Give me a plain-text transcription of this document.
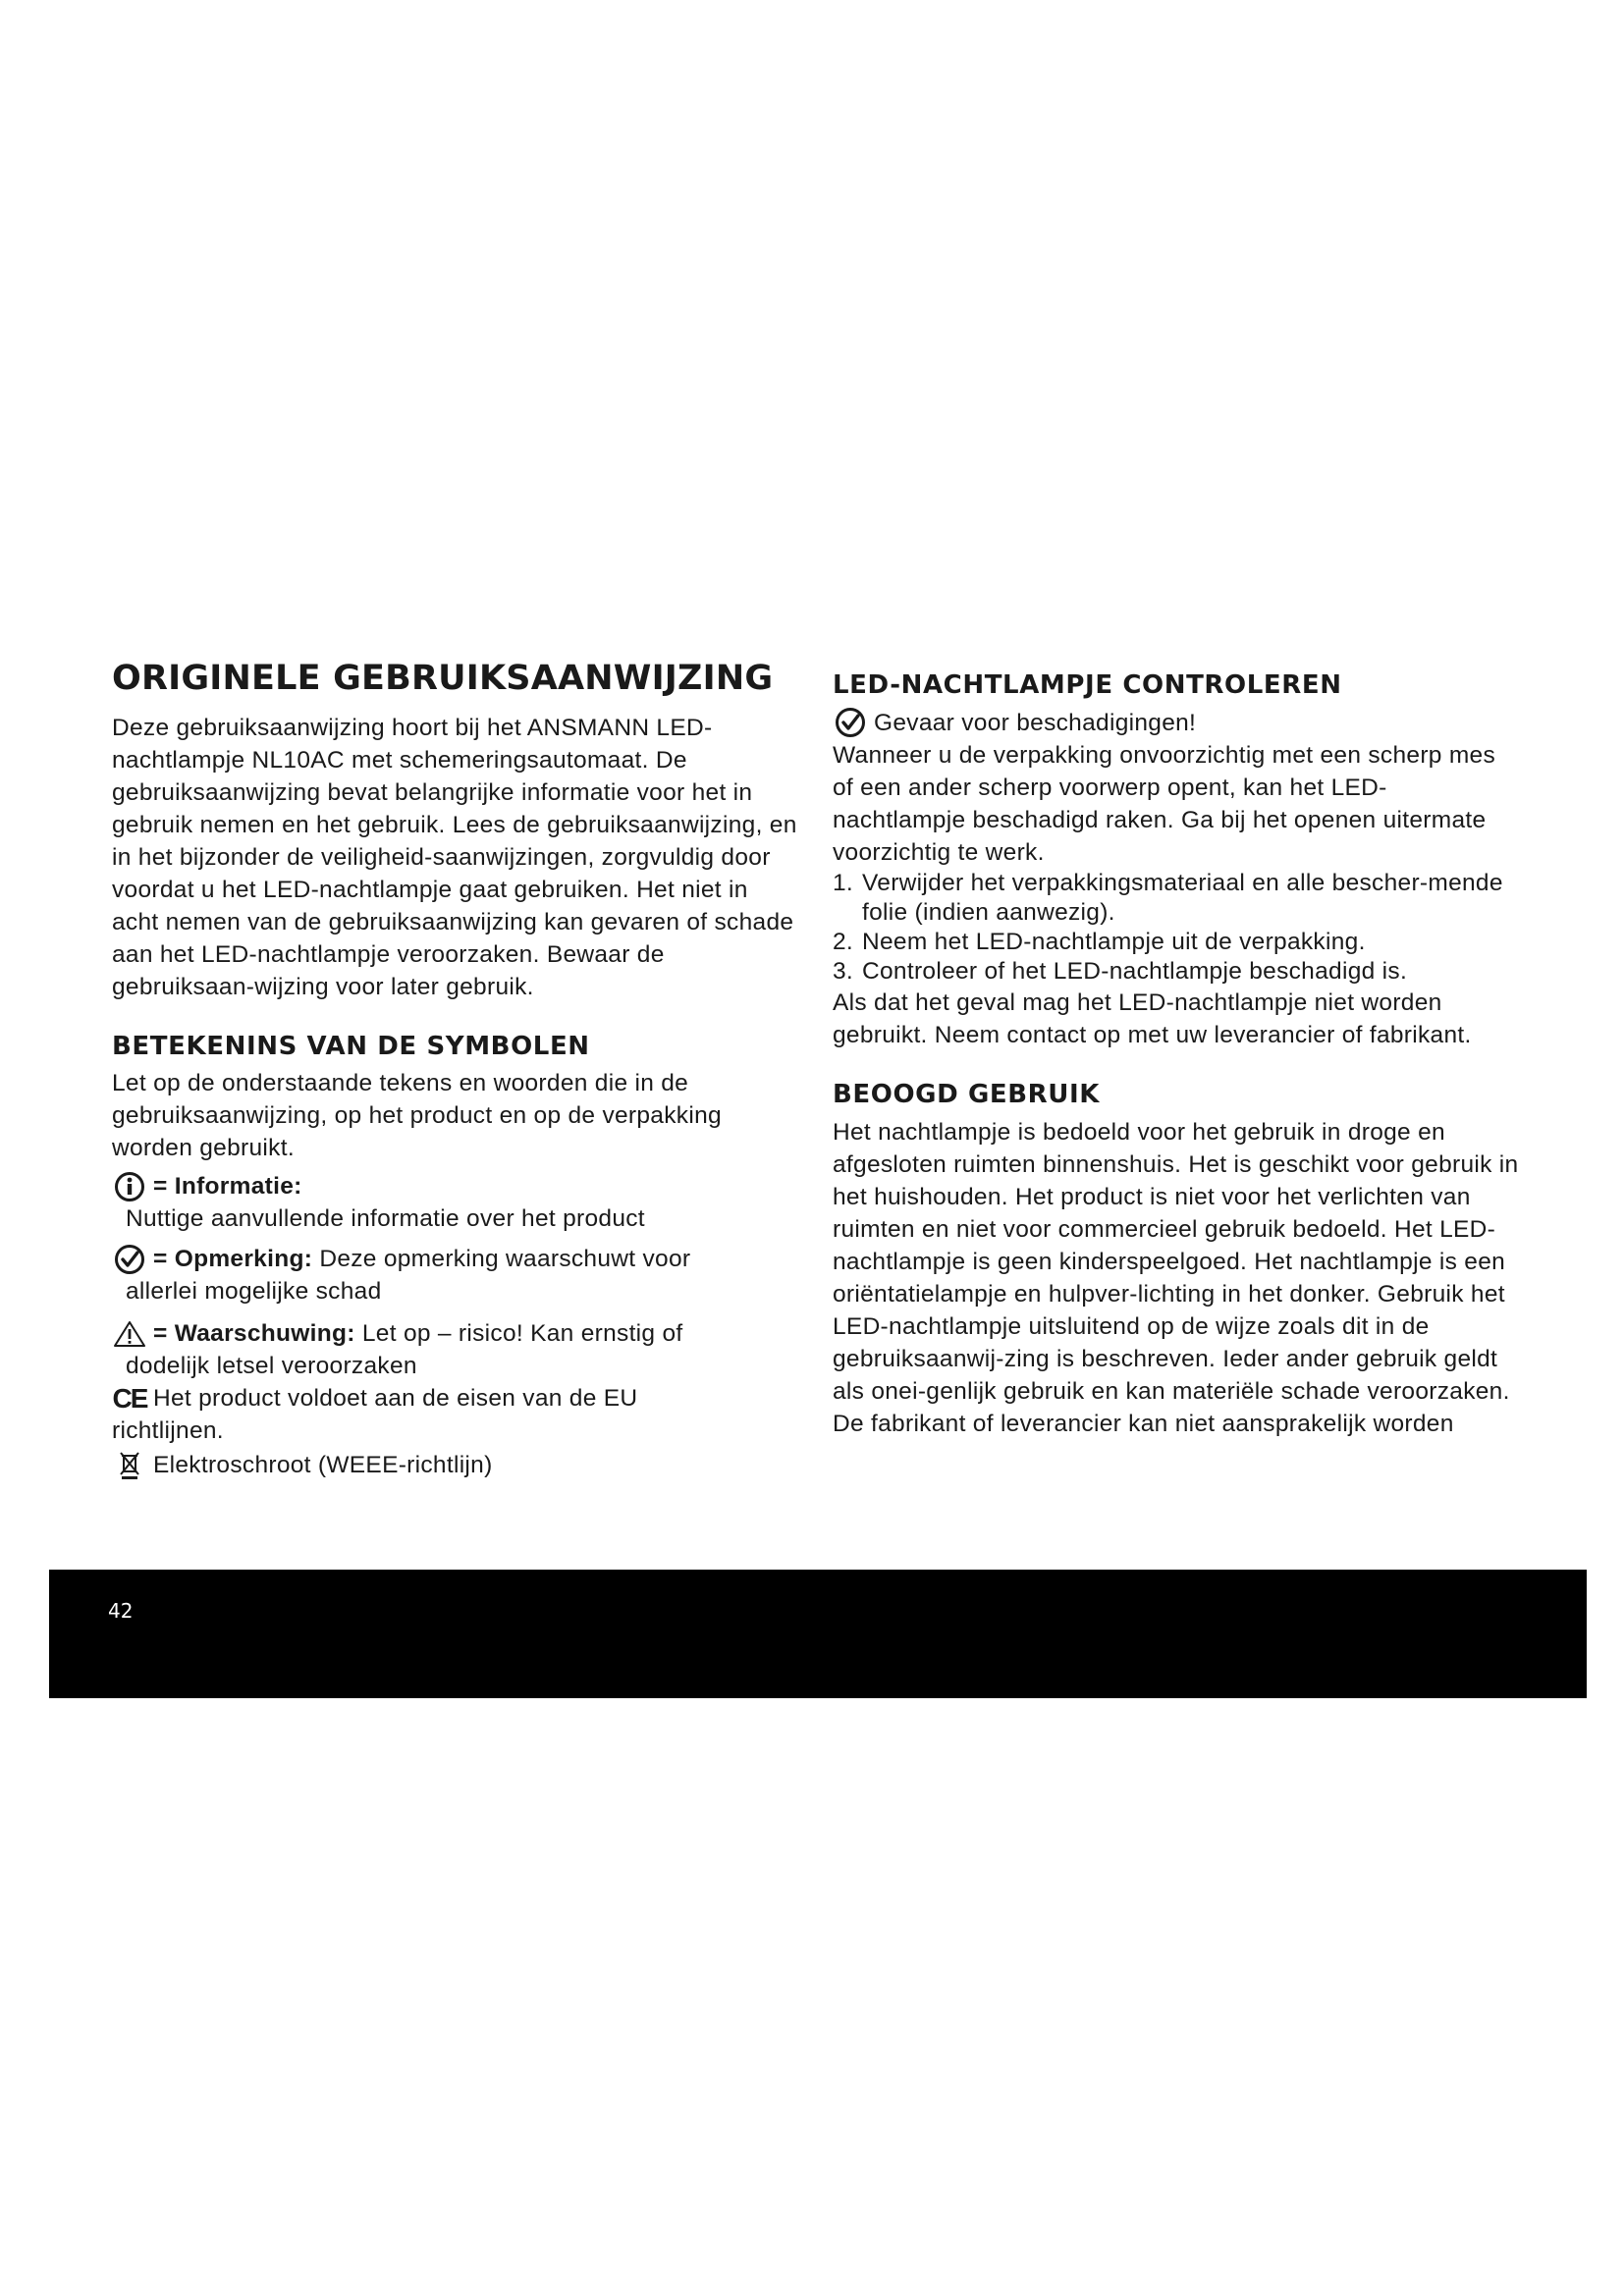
ORIGINELE GEBRUIKSAANWIJZING

Deze gebruiksaanwijzing hoort bij het ANSMANN LED-nachtlampje NL10AC met schemeringsautomaat. De gebruiksaanwijzing bevat belangrijke informatie voor het in gebruik nemen en het gebruik. Lees de gebruiksaanwijzing, en in het bijzonder de veiligheid-saanwijzingen, zorgvuldig door voordat u het LED-nachtlampje gaat gebruiken. Het niet in acht nemen van de gebruiksaanwijzing kan gevaren of schade aan het LED-nachtlampje veroorzaken. Bewaar de gebruiksaan-wijzing voor later gebruik.

BETEKENINS VAN DE SYMBOLEN

Let op de onderstaande tekens en woorden die in de gebruiksaanwijzing, op het product en op de verpakking worden gebruikt.

= Informatie:
Nuttige aanvullende informatie over het product
= Opmerking: Deze opmerking waarschuwt voor
allerlei mogelijke schad
= Waarschuwing: Let op – risico! Kan ernstig of
dodelijk letsel veroorzaken
CE Het product voldoet aan de eisen van de EU
richtlijnen.
Elektroschroot (WEEE-richtlijn)
LED-NACHTLAMPJE CONTROLEREN
Gevaar voor beschadigingen!

Wanneer u de verpakking onvoorzichtig met een scherp mes of een ander scherp voorwerp opent, kan het LED-nachtlampje beschadigd raken. Ga bij het openen uitermate voorzichtig te werk.

1. Verwijder het verpakkingsmateriaal en alle bescher-mende folie (indien aanwezig).
2. Neem het LED-nachtlampje uit de verpakking.
3. Controleer of het LED-nachtlampje beschadigd is.

Als dat het geval mag het LED-nachtlampje niet worden gebruikt. Neem contact op met uw leverancier of fabrikant.

BEOOGD GEBRUIK

Het nachtlampje is bedoeld voor het gebruik in droge en afgesloten ruimten binnenshuis. Het is geschikt voor gebruik in het huishouden. Het product is niet voor het verlichten van ruimten en niet voor commercieel gebruik bedoeld. Het LED-nachtlampje is geen kinderspeelgoed. Het nachtlampje is een oriëntatielampje en hulpver-lichting in het donker. Gebruik het LED-nachtlampje uitsluitend op de wijze zoals dit in de gebruiksaanwij-zing is beschreven. Ieder ander gebruik geldt als onei-genlijk gebruik en kan materiële schade veroorzaken. De fabrikant of leverancier kan niet aansprakelijk worden

42
